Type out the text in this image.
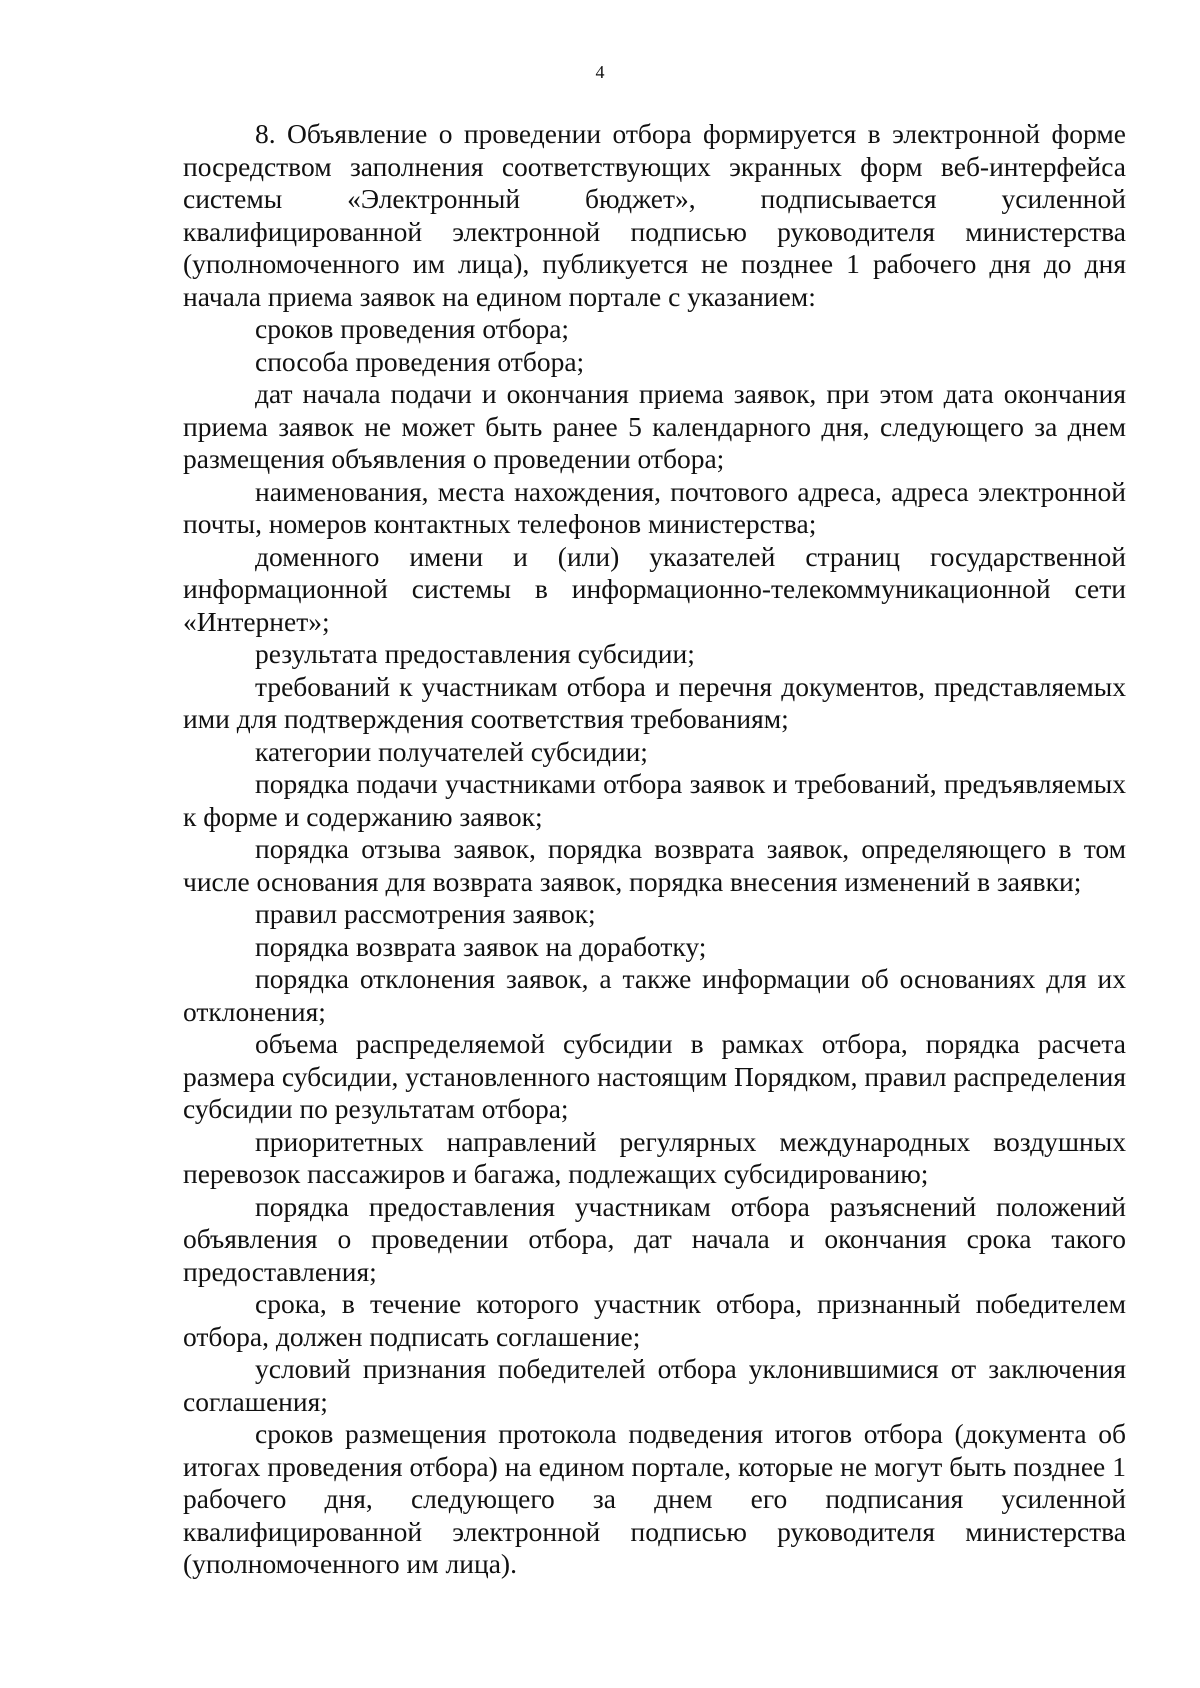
4

8. Объявление о проведении отбора формируется в электронной форме посредством заполнения соответствующих экранных форм веб-интерфейса системы «Электронный бюджет», подписывается усиленной квалифицированной электронной подписью руководителя министерства (уполномоченного им лица), публикуется не позднее 1 рабочего дня до дня начала приема заявок на едином портале с указанием:

сроков проведения отбора;

способа проведения отбора;

дат начала подачи и окончания приема заявок, при этом дата окончания приема заявок не может быть ранее 5 календарного дня, следующего за днем размещения объявления о проведении отбора;

наименования, места нахождения, почтового адреса, адреса электронной почты, номеров контактных телефонов министерства;

доменного имени и (или) указателей страниц государственной информационной системы в информационно-телекоммуникационной сети «Интернет»;

результата предоставления субсидии;

требований к участникам отбора и перечня документов, представляемых ими для подтверждения соответствия требованиям;

категории получателей субсидии;

порядка подачи участниками отбора заявок и требований, предъявляемых к форме и содержанию заявок;

порядка отзыва заявок, порядка возврата заявок, определяющего в том числе основания для возврата заявок, порядка внесения изменений в заявки;

правил рассмотрения заявок;

порядка возврата заявок на доработку;

порядка отклонения заявок, а также информации об основаниях для их отклонения;

объема распределяемой субсидии в рамках отбора, порядка расчета размера субсидии, установленного настоящим Порядком, правил распределения субсидии по результатам отбора;

приоритетных направлений регулярных международных воздушных перевозок пассажиров и багажа, подлежащих субсидированию;

порядка предоставления участникам отбора разъяснений положений объявления о проведении отбора, дат начала и окончания срока такого предоставления;

срока, в течение которого участник отбора, признанный победителем отбора, должен подписать соглашение;

условий признания победителей отбора уклонившимися от заключения соглашения;

сроков размещения протокола подведения итогов отбора (документа об итогах проведения отбора) на едином портале, которые не могут быть позднее 1 рабочего дня, следующего за днем его подписания усиленной квалифицированной электронной подписью руководителя министерства (уполномоченного им лица).
